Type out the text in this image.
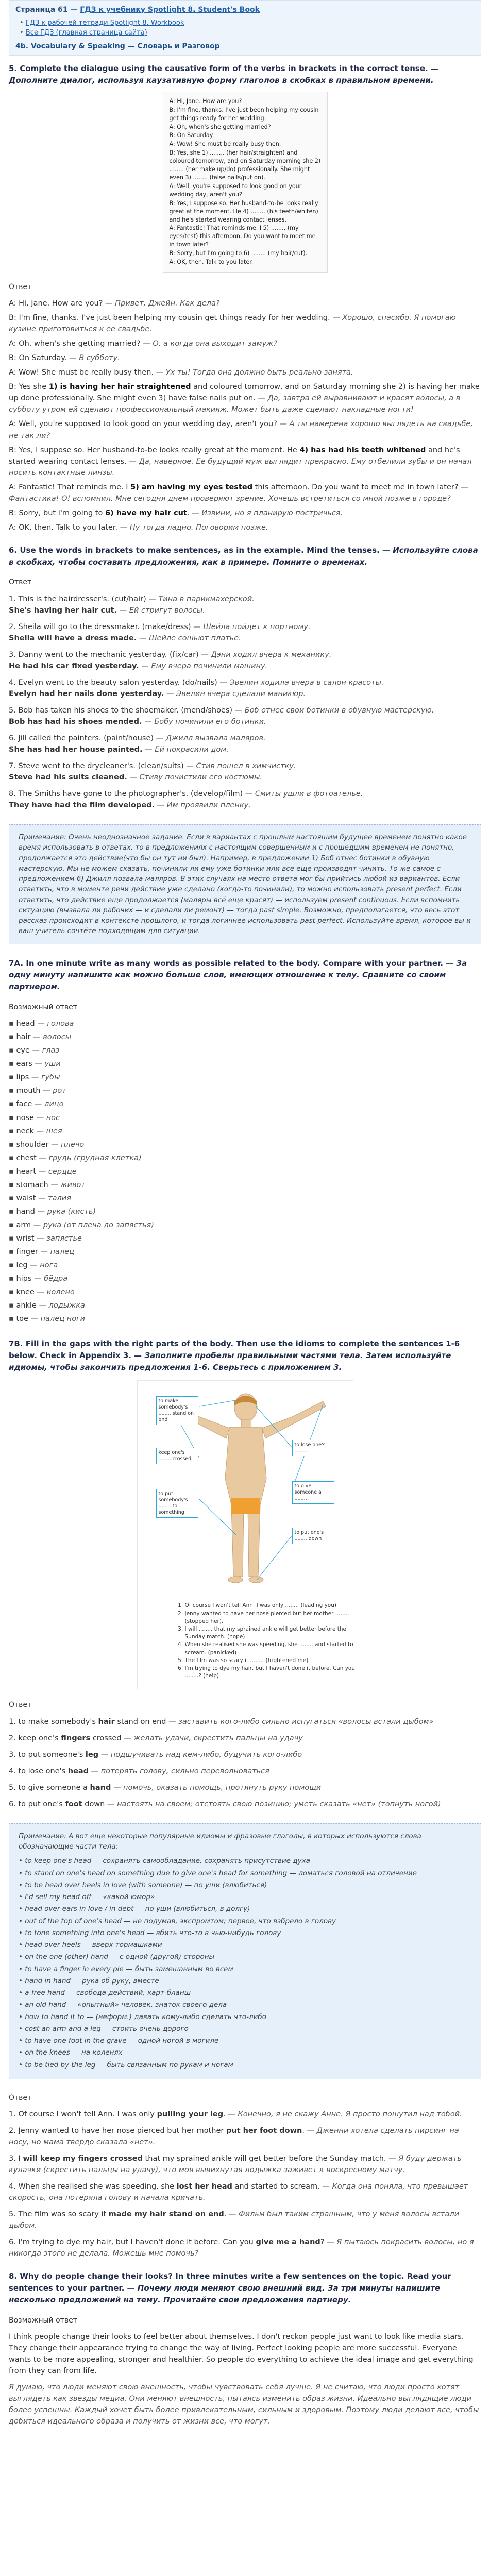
Страница 61 — ГДЗ к учебнику Spotlight 8. Student's Book
• ГДЗ к рабочей тетради Spotlight 8. Workbook
• Все ГДЗ (главная страница сайта)
4b. Vocabulary & Speaking — Словарь и Разговор
5. Complete the dialogue using the causative form of the verbs in brackets in the correct tense. — Дополните диалог, используя каузативную форму глаголов в скобках в правильном времени.

A: Hi, Jane. How are you?

B: I'm fine, thanks. I've just been helping my cousin get things ready for her wedding.

A: Oh, when's she getting married?

B: On Saturday.

A: Wow! She must be really busy then.

B: Yes, she 1) ........ (her hair/straighten) and coloured tomorrow, and on Saturday morning she 2) ........ (her make up/do) professionally. She might even 3) ........ (false nails/put on).

A: Well, you're supposed to look good on your wedding day, aren't you?

B: Yes, I suppose so. Her husband-to-be looks really great at the moment. He 4) ........ (his teeth/whiten) and he's started wearing contact lenses.

A: Fantastic! That reminds me. I 5) ........ (my eyes/test) this afternoon. Do you want to meet me in town later?

B: Sorry, but I'm going to 6) ........ (my hair/cut).

A: OK, then. Talk to you later.

Ответ
A: Hi, Jane. How are you? — Привет, Джейн. Как дела?
B: I'm fine, thanks. I've just been helping my cousin get things ready for her wedding. — Хорошо, спасибо. Я помогаю кузине приготовиться к ее свадьбе.
A: Oh, when's she getting married? — О, а когда она выходит замуж?
B: On Saturday. — В субботу.
A: Wow! She must be really busy then. — Ух ты! Тогда она должно быть реально занята.
B: Yes she 1) is having her hair straightened and coloured tomorrow, and on Saturday morning she 2) is having her make up done professionally. She might even 3) have false nails put on. — Да, завтра ей выравнивают и красят волосы, а в субботу утром ей сделают профессиональный макияж. Может быть даже сделают накладные ногти!
A: Well, you're supposed to look good on your wedding day, aren't you? — А ты намерена хорошо выглядеть на свадьбе, не так ли?
B: Yes, I suppose so. Her husband-to-be looks really great at the moment. He 4) has had his teeth whitened and he's started wearing contact lenses. — Да, наверное. Ее будущий муж выглядит прекрасно. Ему отбелили зубы и он начал носить контактные линзы.
A: Fantastic! That reminds me. I 5) am having my eyes tested this afternoon. Do you want to meet me in town later? — Фантастика! О! вспомнил. Мне сегодня днем проверяют зрение. Хочешь встретиться со мной позже в городе?
B: Sorry, but I'm going to 6) have my hair cut. — Извини, но я планирую постричься.
A: OK, then. Talk to you later. — Ну тогда ладно. Поговорим позже.
6. Use the words in brackets to make sentences, as in the example. Mind the tenses. — Используйте слова в скобках, чтобы составить предложения, как в примере. Помните о временах.
Ответ
1. This is the hairdresser's. (cut/hair) — Тина в парикмахерской.
She's having her hair cut. — Ей стригут волосы.
2. Sheila will go to the dressmaker. (make/dress) — Шейла пойдет к портному.
Sheila will have a dress made. — Шейле сошьют платье.
3. Danny went to the mechanic yesterday. (fix/car) — Дэни ходил вчера к механику.
He had his car fixed yesterday. — Ему вчера починили машину.
4. Evelyn went to the beauty salon yesterday. (do/nails) — Эвелин ходила вчера в салон красоты.
Evelyn had her nails done yesterday. — Эвелин вчера сделали маникюр.
5. Bob has taken his shoes to the shoemaker. (mend/shoes) — Боб отнес свои ботинки в обувную мастерскую.
Bob has had his shoes mended. — Бобу починили его ботинки.
6. Jill called the painters. (paint/house) — Джилл вызвала маляров.
She has had her house painted. — Ей покрасили дом.
7. Steve went to the drycleaner's. (clean/suits) — Стив пошел в химчистку.
Steve had his suits cleaned. — Стиву почистили его костюмы.
8. The Smiths have gone to the photographer's. (develop/film) — Смиты ушли в фотоателье.
They have had the film developed. — Им проявили пленку.
Примечание: Очень неоднозначное задание. Если в вариантах с прошлым настоящим будущее временем понятно какое время использовать в ответах, то в предложениях с настоящим совершенным и с прошедшим временем не понятно, продолжается это действие(что бы он тут ни был). Например, в предложении 1) Боб отнес ботинки в обувную мастерскую. Мы не можем сказать, починили ли ему уже ботинки или все еще производят чинить. То же самое с предложением 6) Джилл позвала маляров. В этих случаях на место ответа мог бы прийтись любой из вариантов. Если ответить, что в моменте речи действие уже сделано (когда-то починили), то можно использовать present perfect. Если ответить, что действие еще продолжается (маляры всё еще красят) — используем present continuous. Если вспомнить ситуацию (вызвала ли рабочих — и сделали ли ремонт) — тогда past simple. Возможно, предполагается, что весь этот рассказ происходит в контексте прошлого, и тогда логичнее использовать past perfect. Используйте время, которое вы и ваш учитель сочтёте подходящим для ситуации.
7A. In one minute write as many words as possible related to the body. Compare with your partner. — За одну минуту напишите как можно больше слов, имеющих отношение к телу. Сравните со своим партнером.
Возможный ответ
▪ head — голова
▪ hair — волосы
▪ eye — глаз
▪ ears — уши
▪ lips — губы
▪ mouth — рот
▪ face — лицо
▪ nose — нос
▪ neck — шея
▪ shoulder — плечо
▪ chest — грудь (грудная клетка)
▪ heart — сердце
▪ stomach — живот
▪ waist — талия
▪ hand — рука (кисть)
▪ arm — рука (от плеча до запястья)
▪ wrist — запястье
▪ finger — палец
▪ leg — нога
▪ hips — бёдра
▪ knee — колено
▪ ankle — лодыжка
▪ toe — палец ноги
7B. Fill in the gaps with the right parts of the body. Then use the idioms to complete the sentences 1-6 below. Check in Appendix 3. — Заполните пробелы правильными частями тела. Затем используйте идиомы, чтобы закончить предложения 1-6. Сверьтесь с приложением 3.
to make somebody's ........ stand on end
keep one's ........ crossed
to put somebody's ........ to something
to lose one's ........
to give someone a ........
to put one's ........ down
1. Of course I won't tell Ann. I was only ........ (leading you)
2. Jenny wanted to have her nose pierced but her mother ........ (stopped her).
3. I will ........ that my sprained ankle will get better before the Sunday match. (hope)
4. When she realised she was speeding, she ........ and started to scream. (panicked)
5. The film was so scary it ........ (frightened me)
6. I'm trying to dye my hair, but I haven't done it before. Can you ........? (help)
Ответ
1. to make somebody's hair stand on end — заставить кого-либо сильно испугаться «волосы встали дыбом»
2. keep one's fingers crossed — желать удачи, скрестить пальцы на удачу
3. to put someone's leg — подшучивать над кем-либо, будучить кого-либо
4. to lose one's head — потерять голову, сильно переволноваться
5. to give someone a hand — помочь, оказать помощь, протянуть руку помощи
6. to put one's foot down — настоять на своем; отстоять свою позицию; уметь сказать «нет» (топнуть ногой)

Примечание: А вот еще некоторые популярные идиомы и фразовые глаголы, в которых используются слова обозначающие части тела:

• to keep one's head — сохранять самообладание, сохранять присутствие духа
• to stand on one's head on something due to give one's head for something — ломаться головой на отличение
• to be head over heels in love (with someone) — по уши (влюбиться)
• I'd sell my head off — «какой юмор»
• head over ears in love / in debt — по уши (влюбиться, в долгу)
• out of the top of one's head — не подумав, экспромтом; первое, что взбрело в голову
• to tone something into one's head — вбить что-то в чью-нибудь голову
• head over heels — вверх тормашками
• on the one (other) hand — с одной (другой) стороны
• to have a finger in every pie — быть замешанным во всем
• hand in hand — рука об руку, вместе
• a free hand — свобода действий, карт-бланш
• an old hand — «опытный» человек, знаток своего дела
• how to hand it to — (неформ.) давать кому-либо сделать что-либо
• cost an arm and a leg — стоить очень дорого
• to have one foot in the grave — одной ногой в могиле
• on the knees — на коленях
• to be tied by the leg — быть связанным по рукам и ногам
Ответ
1. Of course I won't tell Ann. I was only pulling your leg. — Конечно, я не скажу Анне. Я просто пошутил над тобой.
2. Jenny wanted to have her nose pierced but her mother put her foot down. — Дженни хотела сделать пирсинг на носу, но мама твердо сказала «нет».
3. I will keep my fingers crossed that my sprained ankle will get better before the Sunday match. — Я буду держать кулачки (скрестить пальцы на удачу), что моя вывихнутая лодыжка заживет к воскресному матчу.
4. When she realised she was speeding, she lost her head and started to scream. — Когда она поняла, что превышает скорость, она потеряла голову и начала кричать.
5. The film was so scary it made my hair stand on end. — Фильм был таким страшным, что у меня волосы встали дыбом.
6. I'm trying to dye my hair, but I haven't done it before. Can you give me a hand? — Я пытаюсь покрасить волосы, но я никогда этого не делала. Можешь мне помочь?
8. Why do people change their looks? In three minutes write a few sentences on the topic. Read your sentences to your partner. — Почему люди меняют свою внешний вид. За три минуты напишите несколько предложений на тему. Прочитайте свои предложения партнеру.
Возможный ответ

I think people change their looks to feel better about themselves. I don't reckon people just want to look like media stars. They change their appearance trying to change the way of living. Perfect looking people are more successful. Everyone wants to be more appealing, stronger and healthier. So people do everything to achieve the ideal image and get everything from they can from life.

Я думаю, что люди меняют свою внешность, чтобы чувствовать себя лучше. Я не считаю, что люди просто хотят выглядеть как звезды медиа. Они меняют внешность, пытаясь изменить образ жизни. Идеально выглядящие люди более успешны. Каждый хочет быть более привлекательным, сильным и здоровым. Поэтому люди делают все, чтобы добиться идеального образа и получить от жизни все, что могут.
